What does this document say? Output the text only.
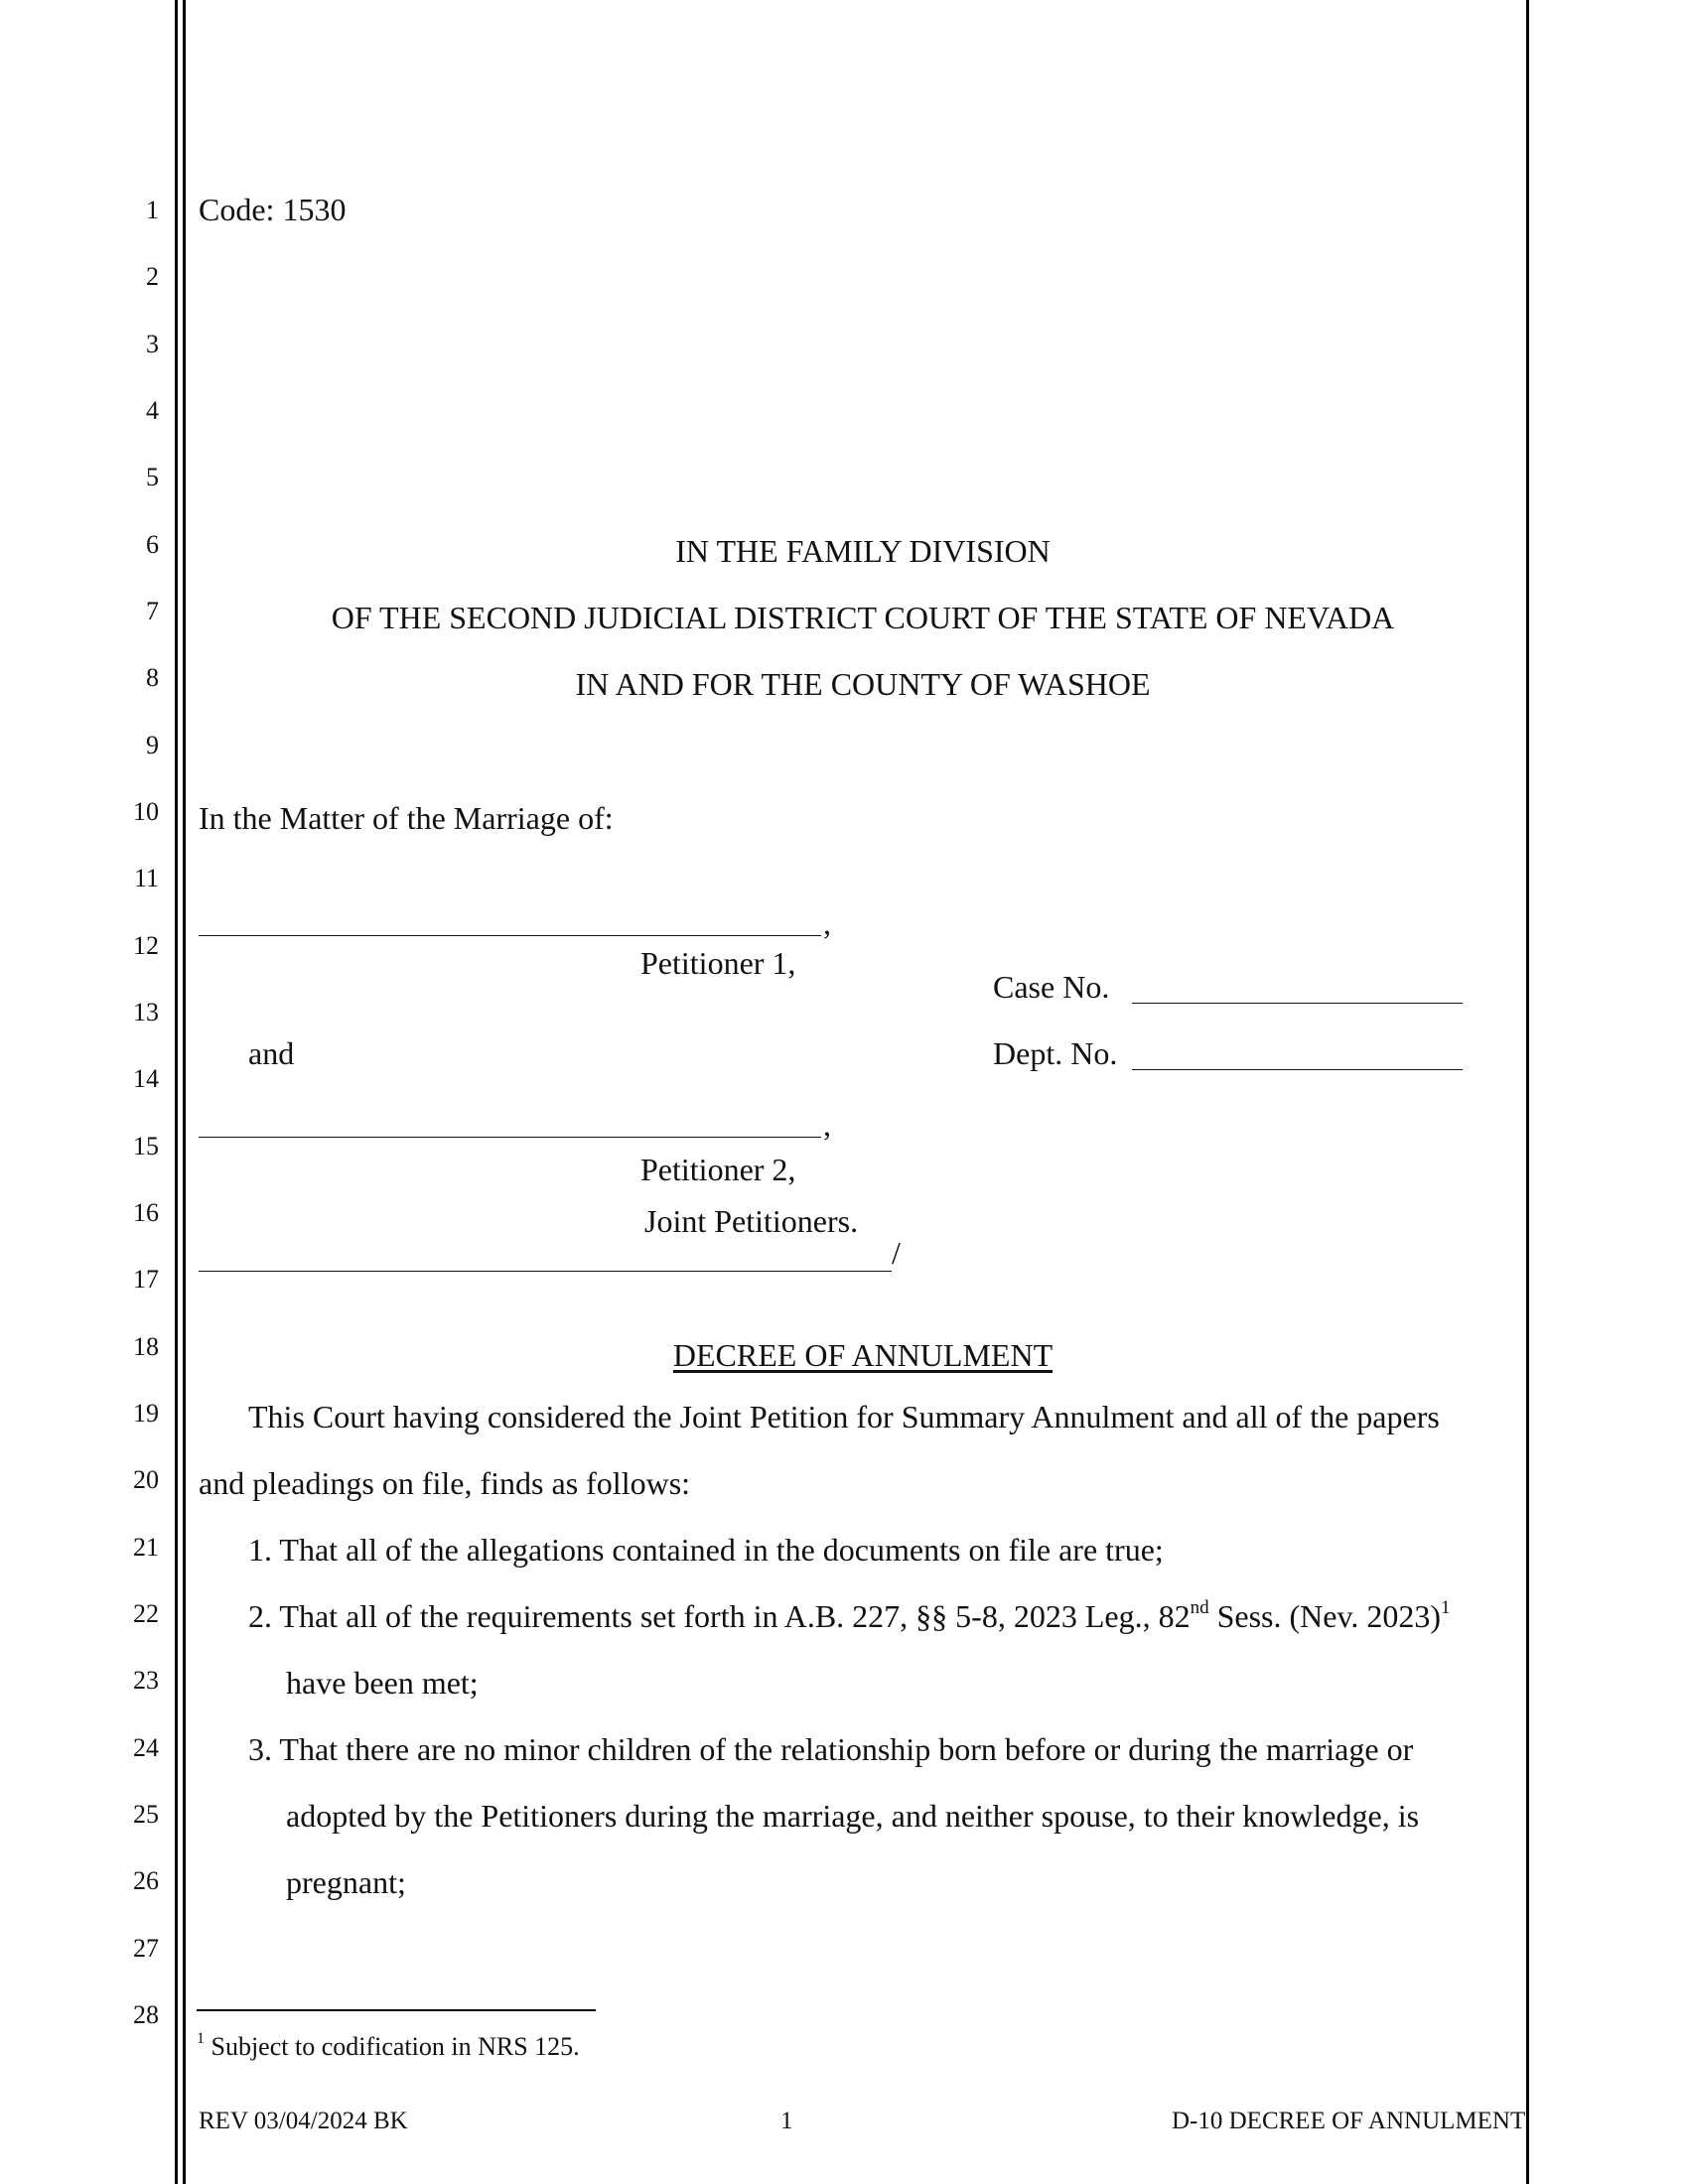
1
2
3
4
5
6
7
8
9
10
11
12
13
14
15
16
17
18
19
20
21
22
23
24
25
26
27
28
Code: 1530
IN THE FAMILY DIVISION
OF THE SECOND JUDICIAL DISTRICT COURT OF THE STATE OF NEVADA
IN AND FOR THE COUNTY OF WASHOE
In the Matter of the Marriage of:
,
Petitioner 1,
Case No.
and	Dept. No.
,
Petitioner 2,
Joint Petitioners.
/
DECREE OF ANNULMENT
This Court having considered the Joint Petition for Summary Annulment and all of the papers
and pleadings on file, finds as follows:
1. That all of the allegations contained in the documents on file are true;
2. That all of the requirements set forth in A.B. 227, §§ 5-8, 2023 Leg., 82nd Sess. (Nev. 2023)$^1$
have been met;
3. That there are no minor children of the relationship born before or during the marriage or
adopted by the Petitioners during the marriage, and neither spouse, to their knowledge, is
pregnant;
$^1$ Subject to codification in NRS 125.
REV 03/04/2024 BK	1	D-10 DECREE OF ANNULMENT
